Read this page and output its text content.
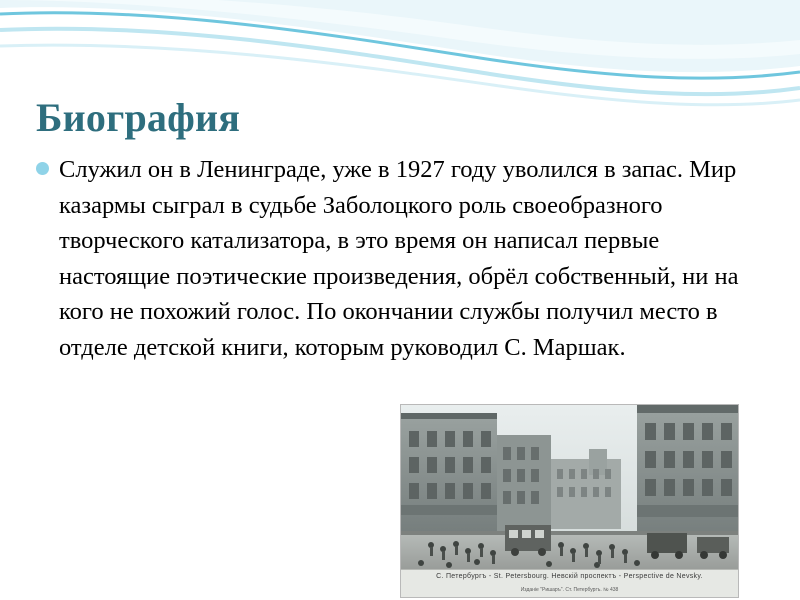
Биография
Служил он в Ленинграде, уже в 1927 году уволился в запас. Мир казармы сыграл в судьбе Заболоцкого роль своеобразного творческого катализатора, в это время он написал первые настоящие поэтические произведения, обрёл собственный, ни на кого не похожий голос. По окончании службы получил место в отделе детской книги, которым руководил С. Маршак.
С. Петербургъ - St. Petersbourg. Невскiй проспектъ - Perspective de Nevsky.
Изданiе "Ришаръ". Ст. Петербургъ. № 438
